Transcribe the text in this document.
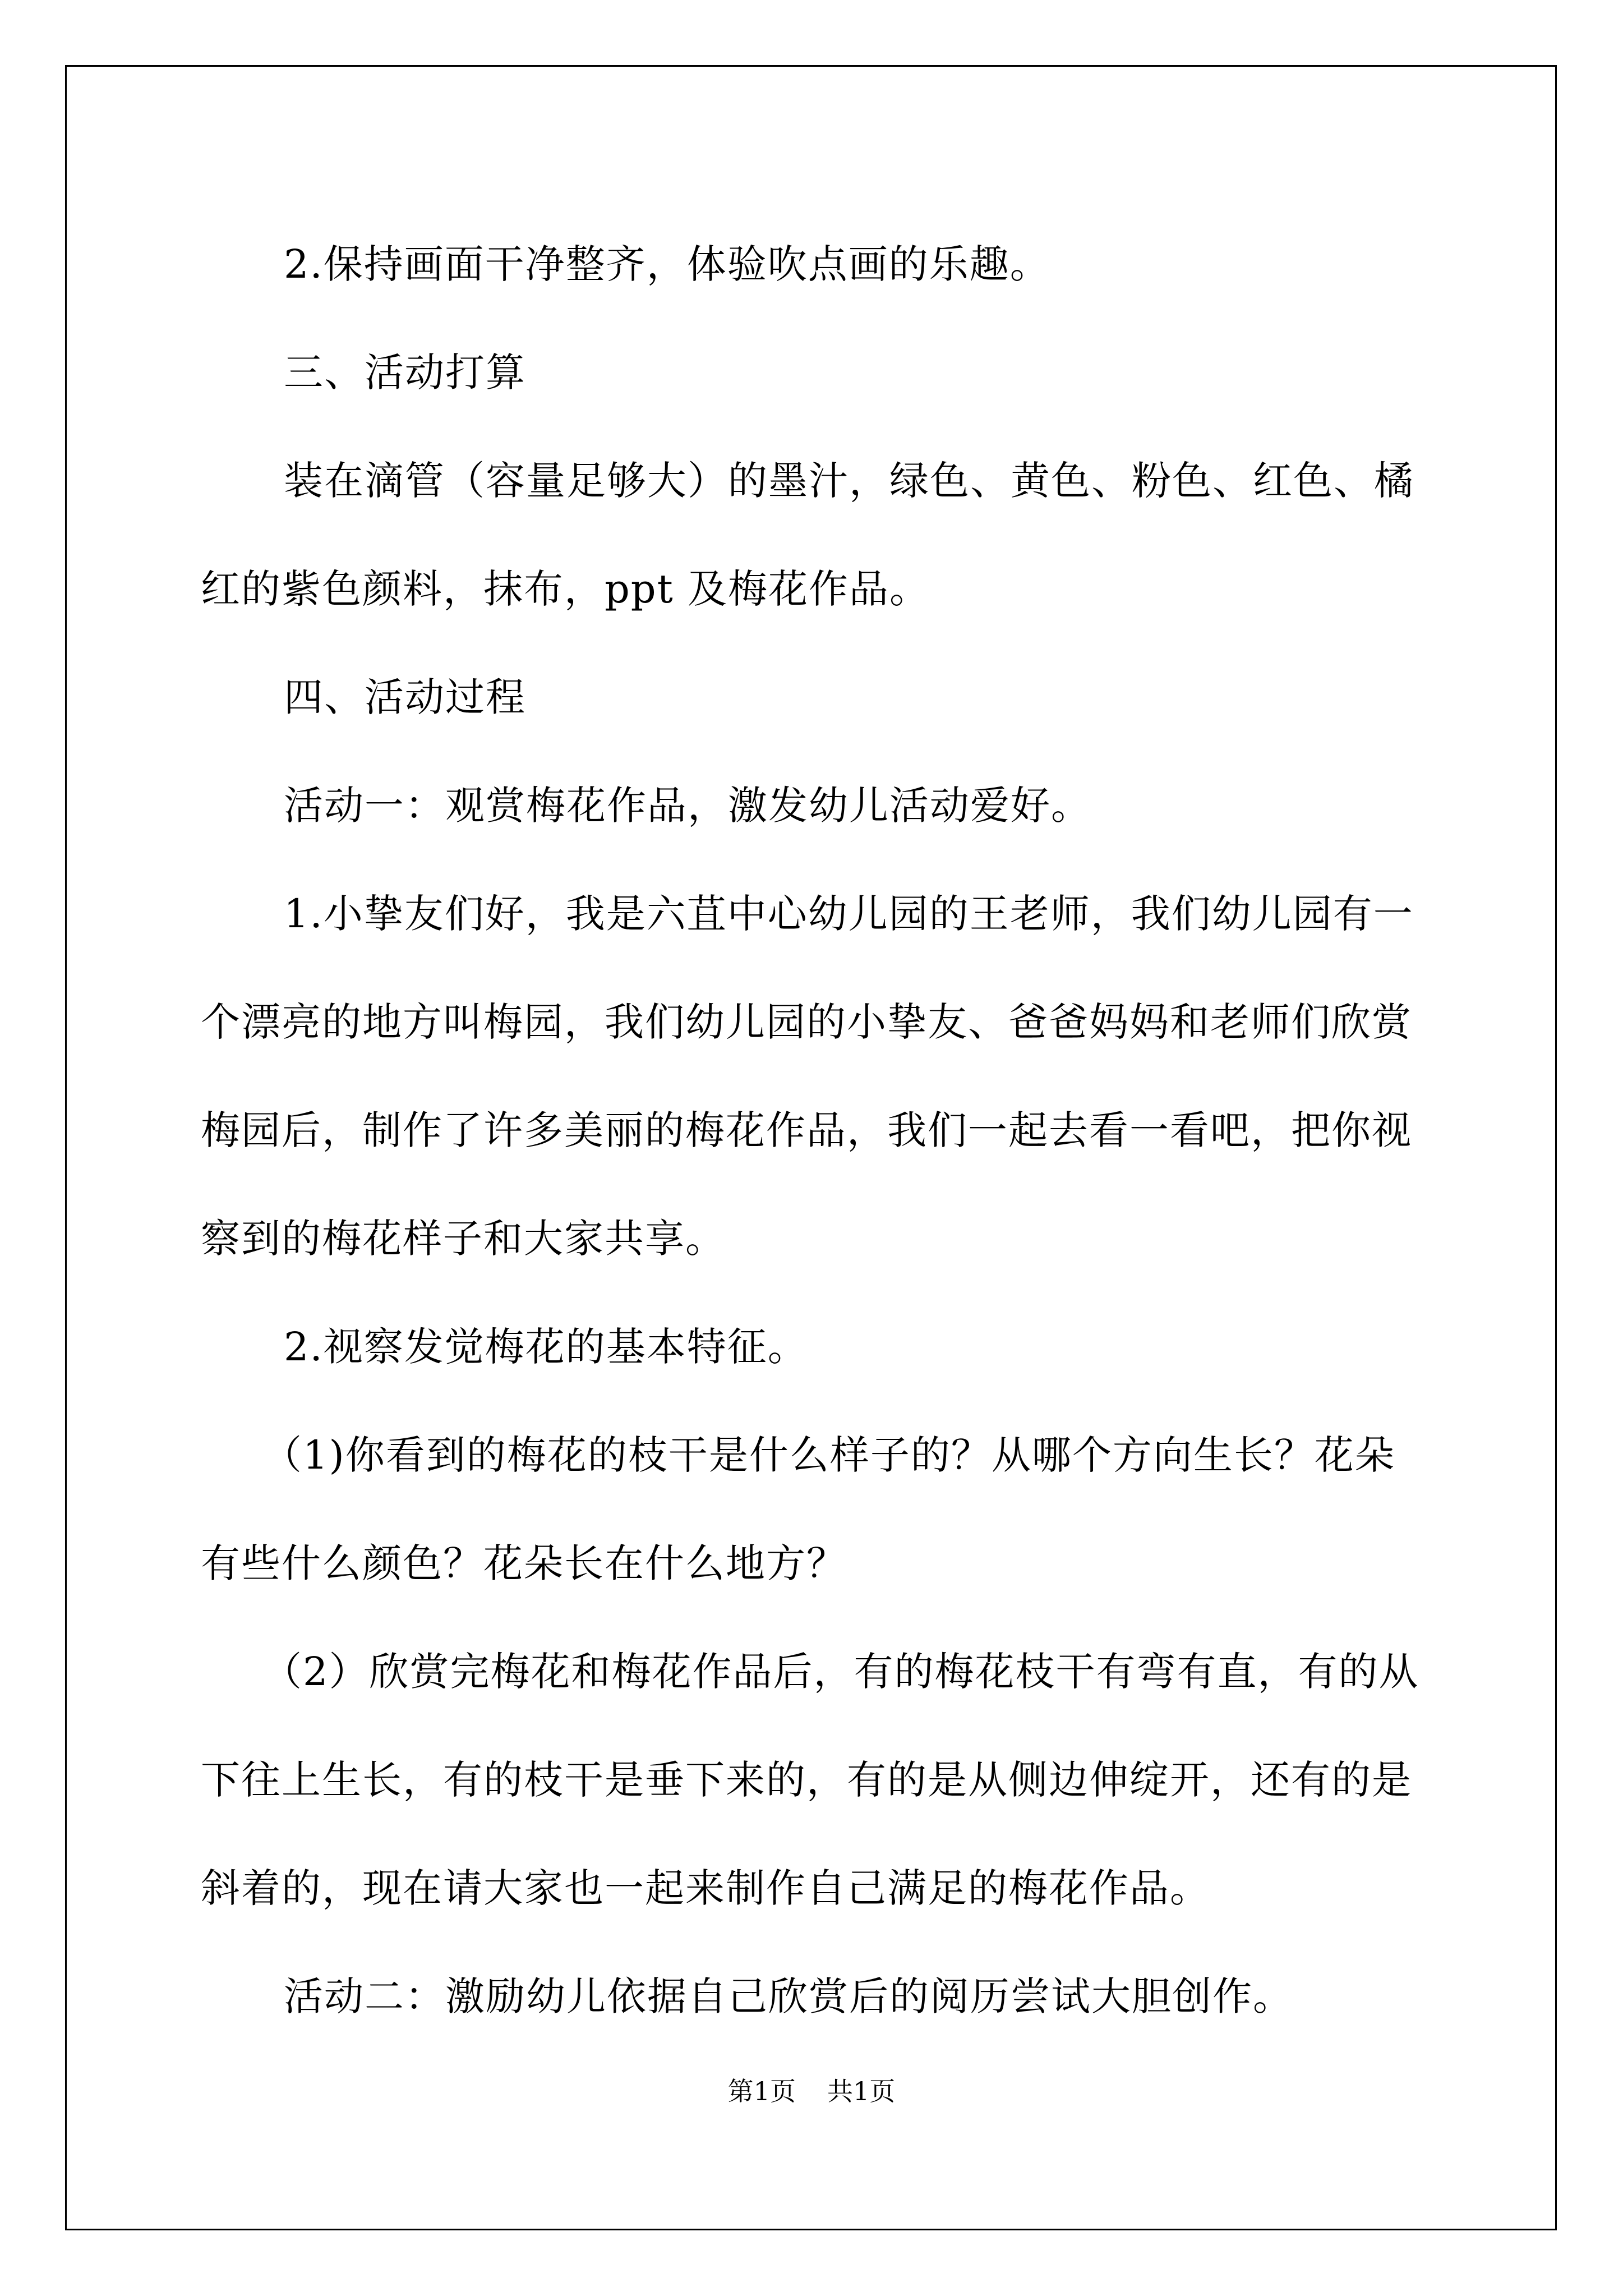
2.保持画面干净整齐，体验吹点画的乐趣。

三、活动打算

装在滴管（容量足够大）的墨汁，绿色、黄色、粉色、红色、橘红的紫色颜料，抹布，ppt 及梅花作品。

四、活动过程

活动一：观赏梅花作品，激发幼儿活动爱好。

1.小挚友们好，我是六苴中心幼儿园的王老师，我们幼儿园有一个漂亮的地方叫梅园，我们幼儿园的小挚友、爸爸妈妈和老师们欣赏梅园后，制作了许多美丽的梅花作品，我们一起去看一看吧，把你视察到的梅花样子和大家共享。

2.视察发觉梅花的基本特征。

（1)你看到的梅花的枝干是什么样子的？从哪个方向生长？花朵有些什么颜色？花朵长在什么地方？

（2）欣赏完梅花和梅花作品后，有的梅花枝干有弯有直，有的从下往上生长，有的枝干是垂下来的，有的是从侧边伸绽开，还有的是斜着的，现在请大家也一起来制作自己满足的梅花作品。

活动二：激励幼儿依据自己欣赏后的阅历尝试大胆创作。

第1页 共1页
